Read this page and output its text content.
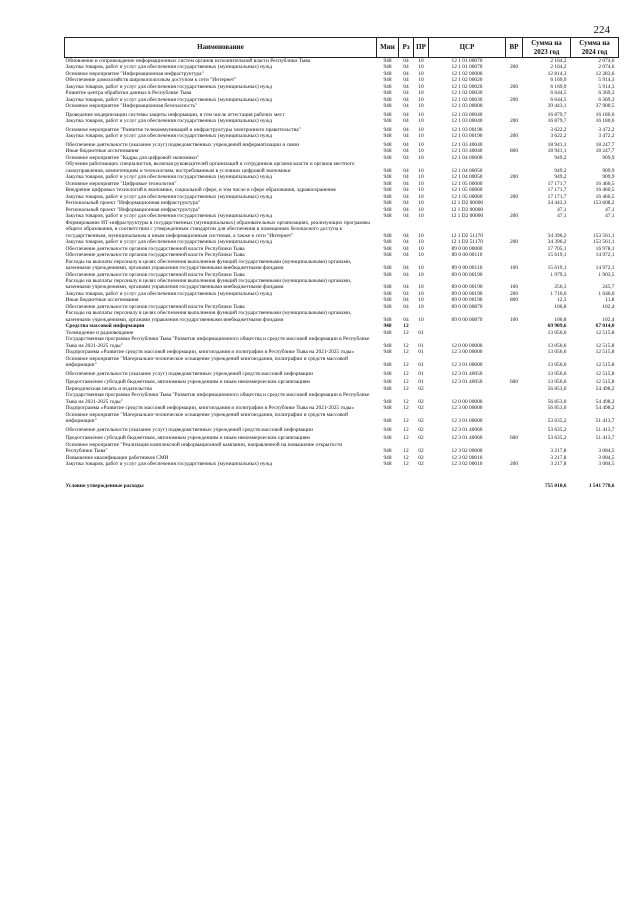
224
Наименование	Мин	Рз	ПР	ЦСР	ВР	Сумма на 2023 год	Сумма на 2024 год
Обновление и сопровождение информационных систем органов исполнительной власти Республики Тыва	948	04	10	12 1 01 00070		2 164,2	2 074,6
Закупка товаров, работ и услуг для обеспечения государственных (муниципальных) нужд	948	04	10	12 1 01 00070	200	2 164,2	2 074,6
Основное мероприятие "Информационная инфраструктура"	948	04	10	12 1 02 00000		12 814,3	12 283,6
Обеспечение домохозяйств широкополосным доступом к сети "Интернет"	948	04	10	12 1 02 00020		6 169,9	5 914,3
Закупка товаров, работ и услуг для обеспечения государственных (муниципальных) нужд	948	04	10	12 1 02 00020	200	6 169,9	5 914,3
Развитие центра обработки данных в Республике Тыва	948	04	10	12 1 02 00030		6 644,5	6 369,3
Закупка товаров, работ и услуг для обеспечения государственных (муниципальных) нужд	948	04	10	12 1 02 00030	200	6 644,5	6 369,3
Основное мероприятие "Информационная безопасность"	948	04	10	12 1 03 00000		39 443,1	37 900,5
Проведение модернизации системы защиты информации, в том числе аттестация рабочих мест	948	04	10	12 1 03 00040		16 879,7	16 180,6
Закупка товаров, работ и услуг для обеспечения государственных (муниципальных) нужд	948	04	10	12 1 03 00040	200	16 879,7	16 180,6
Основное мероприятие "Развитие телекоммуникаций и инфраструктуры электронного правительства"	948	04	10	12 1 03 00190		3 622,2	3 472,2
Закупка товаров, работ и услуг для обеспечения государственных (муниципальных) нужд	948	04	10	12 1 03 00190	200	3 622,2	3 472,2
Обеспечение деятельности (оказание услуг) подведомственных учреждений информатизации и связи	948	04	10	12 1 03 40040		18 941,1	18 247,7
Иные бюджетные ассигнования	948	04	10	12 1 03 40040	800	18 941,1	18 247,7
Основное мероприятие "Кадры для цифровой экономики"	948	04	10	12 1 04 00000		949,2	909,9
Обучение работающих специалистов, включая руководителей организаций и сотрудников органов власти и органов местного самоуправления, компетенциям и технологиям, востребованным в условиях цифровой экономики	948	04	10	12 1 04 00050		949,2	909,9
Закупка товаров, работ и услуг для обеспечения государственных (муниципальных) нужд	948	04	10	12 1 04 00050	200	949,2	909,9
Основное мероприятие "Цифровые технологии"	948	04	10	12 1 05 00000		17 171,7	16 460,5
Внедрение цифровых технологий в экономике, социальной сфере, в том числе в сфере образования, здравоохранения	948	04	10	12 1 05 00060		17 171,7	16 460,5
Закупка товаров, работ и услуг для обеспечения государственных (муниципальных) нужд	948	04	10	12 1 05 00060	200	17 171,7	16 460,5
Региональный проект "Информационная инфраструктура"	948	04	10	12 1 D2 00000		34 443,3	153 608,2
Региональный проект "Информационная инфраструктура"	948	04	10	12 1 D2 00000		47,1	47,1
Закупка товаров, работ и услуг для обеспечения государственных (муниципальных) нужд	948	04	10	12 1 D2 00000	200	47,1	47,1
Формирование ИТ-инфраструктуры в государственных (муниципальных) образовательных организациях, реализующих программы общего образования, в соответствии с утвержденным стандартом для обеспечения в помещениях безопасного доступа к государственным, муниципальным и иным информационным системам, а также к сети "Интернет"	948	04	10	12 1 D2 51170		34 396,2	153 561,1
Закупка товаров, работ и услуг для обеспечения государственных (муниципальных) нужд	948	04	10	12 1 D2 51170	200	34 396,2	153 561,1
Обеспечение деятельности органов государственной власти Республики Тыва	948	04	10	89 0 00 00000		17 705,1	16 978,1
Обеспечение деятельности органов государственной власти Республики Тыва	948	04	10	89 0 00 00110		15 619,1	14 972,1
Расходы на выплаты персоналу в целях обеспечения выполнения функций государственными (муниципальными) органами, казенными учреждениями, органами управления государственными внебюджетными фондами	948	04	10	89 0 00 00110	100	15 619,1	14 972,1
Обеспечение деятельности органов государственной власти Республики Тыва	948	04	10	89 0 00 00190		1 979,3	1 903,5
Расходы на выплаты персоналу в целях обеспечения выполнения функций государственными (муниципальными) органами, казенными учреждениями, органами управления государственными внебюджетными фондами	948	04	10	89 0 00 00190	100	256,3	245,7
Закупка товаров, работ и услуг для обеспечения государственных (муниципальных) нужд	948	04	10	89 0 00 00190	200	1 710,6	1 646,0
Иные бюджетные ассигнования	948	04	10	89 0 00 00190	800	12,3	11,8
Обеспечение деятельности органов государственной власти Республики Тыва	948	04	10	89 0 00 00870		106,8	102,4
Расходы на выплаты персоналу в целях обеспечения выполнения функций государственными (муниципальными) органами, казенными учреждениями, органами управления государственными внебюджетными фондами	948	04	10	89 0 00 00870	100	106,8	102,4
Средства массовой информации	948	12				69 909,6	67 014,0
Телевидение и радиовещание	948	12	01			13 056,6	12 515,8
Государственная программа Республики Тыва "Развитие информационного общества и средств массовой информации в Республике Тыва на 2021-2025 годы"	948	12	01	12 0 00 00000		13 056,6	12 515,8
Подпрограмма «Развитие средств массовой информации, книгоиздания и полиграфии в Республике Тыва на 2021-2025 годы»	948	12	01	12 3 00 00000		13 056,6	12 515,8
Основное мероприятие "Материально-техническое оснащение учреждений книгоиздания, полиграфии и средств массовой информации"	948	12	01	12 3 01 00000		13 056,6	12 515,8
Обеспечение деятельности (оказание услуг) подведомственных учреждений средств массовой информации	948	12	01	12 3 01 40050		13 056,6	12 515,8
Предоставление субсидий бюджетным, автономным учреждениям и иным некоммерческим организациям	948	12	01	12 3 01 40050	600	13 056,6	12 515,8
Периодическая печать и издательства	948	12	02			56 853,0	54 498,2
Государственная программа Республики Тыва "Развитие информационного общества и средств массовой информации в Республике Тыва на 2021-2025 годы"	948	12	02	12 0 00 00000		56 853,0	54 498,2
Подпрограмма «Развитие средств массовой информации, книгоиздания и полиграфии в Республике Тыва на 2021-2025 годы»	948	12	02	12 3 00 00000		56 853,0	54 498,2
Основное мероприятие "Материально-техническое оснащение учреждений книгоиздания, полиграфии и средств массовой информации"	948	12	02	12 3 01 00000		53 635,2	51 413,7
Обеспечение деятельности (оказание услуг) подведомственных учреждений средств массовой информации	948	12	02	12 3 01 40060		53 635,2	51 413,7
Предоставление субсидий бюджетным, автономным учреждениям и иным некоммерческим организациям	948	12	02	12 3 01 40060	600	53 635,2	51 413,7
Основное мероприятие "Реализация комплексной информационной кампании, направленной на повышение открытости Республики Тыва"	948	12	02	12 3 02 00000		3 217,8	3 084,5
Повышение квалификации работников СМИ	948	12	02	12 3 02 00010		3 217,8	3 084,5
Закупка товаров, работ и услуг для обеспечения государственных (муниципальных) нужд	948	12	02	12 3 02 00010	200	3 217,8	3 084,5
Условно утвержденные расходы						755 010,6	1 541 778,6
